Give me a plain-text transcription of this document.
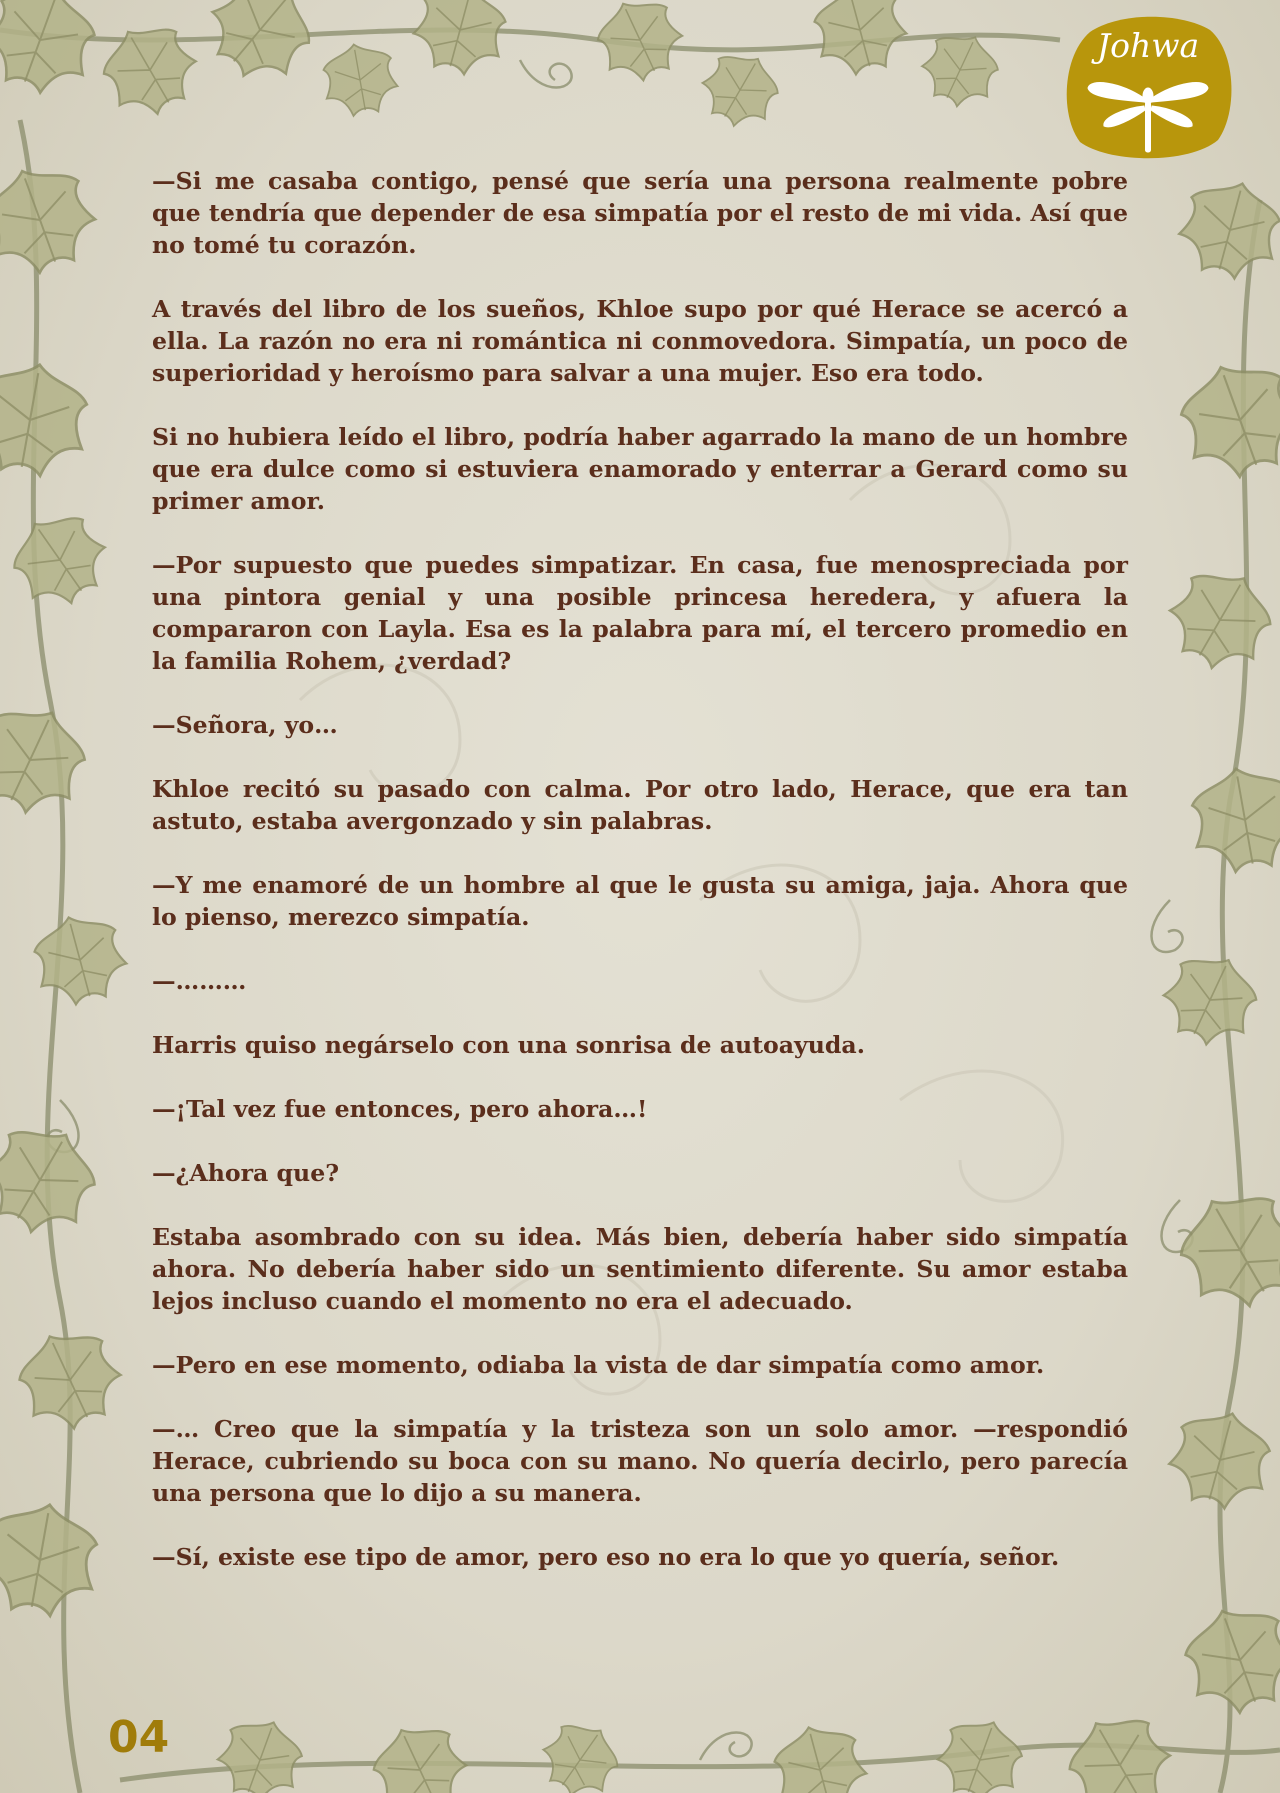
Johwa

—Si me casaba contigo, pensé que sería una persona realmente pobre que tendría que depender de esa simpatía por el resto de mi vida. Así que no tomé tu corazón.

A través del libro de los sueños, Khloe supo por qué Herace se acercó a ella. La razón no era ni romántica ni conmovedora. Simpatía, un poco de superioridad y heroísmo para salvar a una mujer. Eso era todo.

Si no hubiera leído el libro, podría haber agarrado la mano de un hombre que era dulce como si estuviera enamorado y enterrar a Gerard como su primer amor.

—Por supuesto que puedes simpatizar. En casa, fue menospreciada por una pintora genial y una posible princesa heredera, y afuera la compararon con Layla. Esa es la palabra para mí, el tercero promedio en la familia Rohem, ¿verdad?

—Señora, yo…

Khloe recitó su pasado con calma. Por otro lado, Herace, que era tan astuto, estaba avergonzado y sin palabras.

—Y me enamoré de un hombre al que le gusta su amiga, jaja. Ahora que lo pienso, merezco simpatía.

—………

Harris quiso negárselo con una sonrisa de autoayuda.

—¡Tal vez fue entonces, pero ahora…!

—¿Ahora que?

Estaba asombrado con su idea. Más bien, debería haber sido simpatía ahora. No debería haber sido un sentimiento diferente. Su amor estaba lejos incluso cuando el momento no era el adecuado.

—Pero en ese momento, odiaba la vista de dar simpatía como amor.

—… Creo que la simpatía y la tristeza son un solo amor. —respondió Herace, cubriendo su boca con su mano. No quería decirlo, pero parecía una persona que lo dijo a su manera.

—Sí, existe ese tipo de amor, pero eso no era lo que yo quería, señor.

04
